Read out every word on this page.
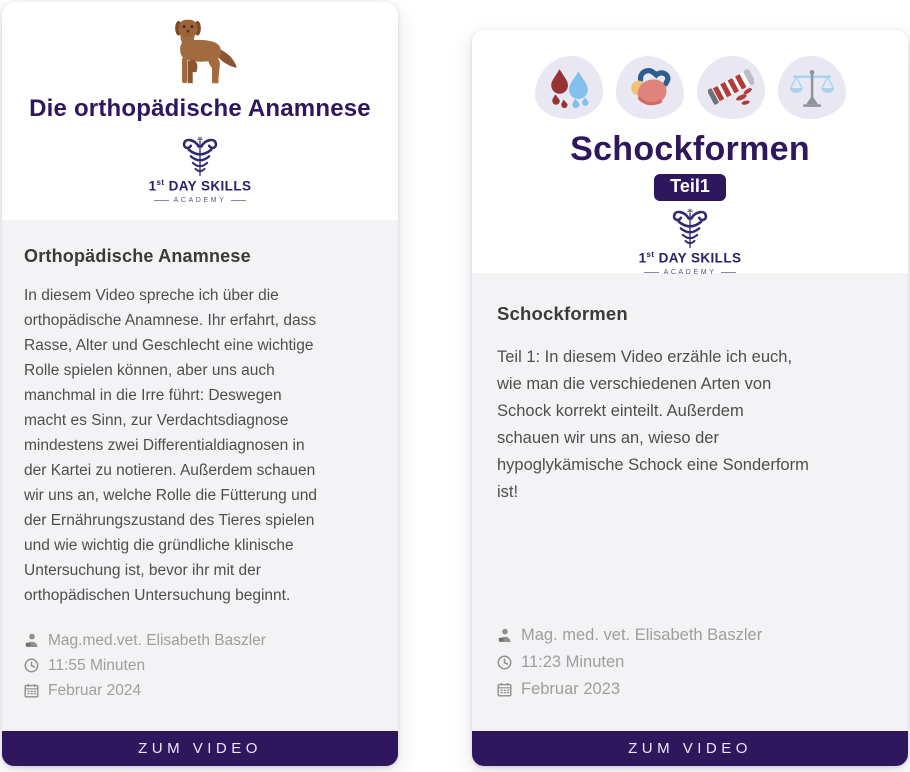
Die orthopädische Anamnese
1st DAY SKILLS
ACADEMY
Orthopädische Anamnese
In diesem Video spreche ich über die
orthopädische Anamnese. Ihr erfahrt, dass
Rasse, Alter und Geschlecht eine wichtige
Rolle spielen können, aber uns auch
manchmal in die Irre führt: Deswegen
macht es Sinn, zur Verdachtsdiagnose
mindestens zwei Differentialdiagnosen in
der Kartei zu notieren. Außerdem schauen
wir uns an, welche Rolle die Fütterung und
der Ernährungszustand des Tieres spielen
und wie wichtig die gründliche klinische
Untersuchung ist, bevor ihr mit der
orthopädischen Untersuchung beginnt.
Mag.med.vet. Elisabeth Baszler
11:55 Minuten
Februar 2024
ZUM VIDEO
Schockformen
Teil1
1st DAY SKILLS
ACADEMY
Schockformen
Teil 1: In diesem Video erzähle ich euch,
wie man die verschiedenen Arten von
Schock korrekt einteilt. Außerdem
schauen wir uns an, wieso der
hypoglykämische Schock eine Sonderform
ist!
Mag. med. vet. Elisabeth Baszler
11:23 Minuten
Februar 2023
ZUM VIDEO
